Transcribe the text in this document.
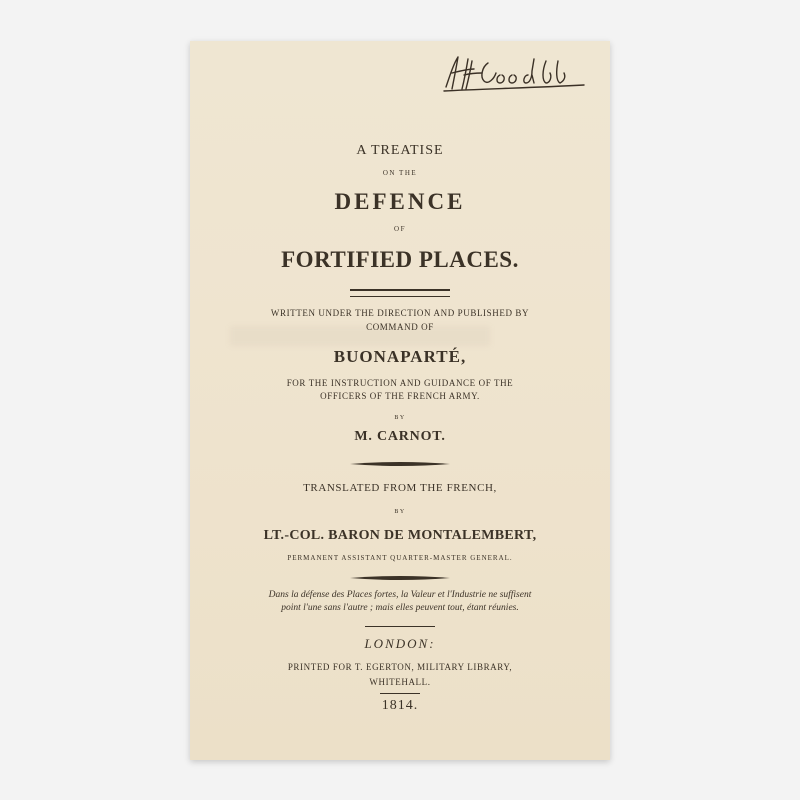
A TREATISE
ON THE
DEFENCE
OF
FORTIFIED PLACES.
WRITTEN UNDER THE DIRECTION AND PUBLISHED BY
COMMAND OF
BUONAPARTÉ,
FOR THE INSTRUCTION AND GUIDANCE OF THE
OFFICERS OF THE FRENCH ARMY.
BY
M. CARNOT.
TRANSLATED FROM THE FRENCH,
BY
LT.-COL. BARON DE MONTALEMBERT,
PERMANENT ASSISTANT QUARTER-MASTER GENERAL.
Dans la défense des Places fortes, la Valeur et l'Industrie ne suffisent
point l'une sans l'autre ; mais elles peuvent tout, étant réunies.
LONDON:
PRINTED FOR T. EGERTON, MILITARY LIBRARY,
WHITEHALL.
1814.
